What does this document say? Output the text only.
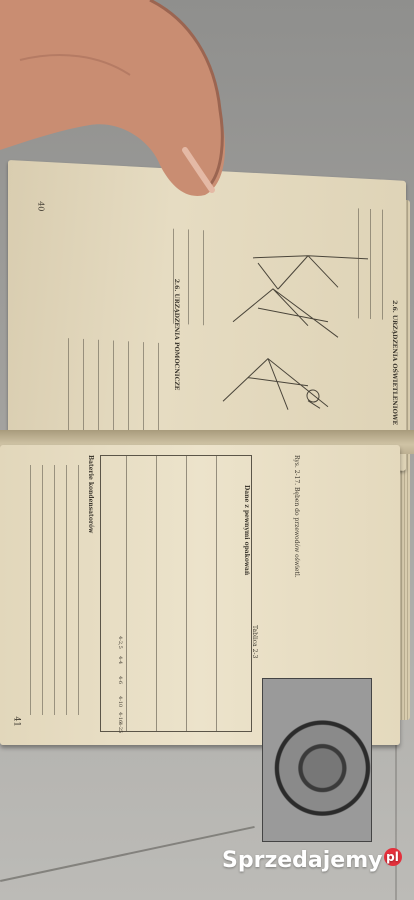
2.6. URZĄDZENIA POMOCNICZE	2.6. URZĄDZENIA OŚWIETLENIOWE
40
Baterie kondensatorów
Tablica 2-3
Dane z pewnymi opakowań	Rys. 2-17. Bęben do przewodów oświetl.
41
4-2,5
4-4
4-6
4-10
4-16
4-25
Sprzedajemy pl
